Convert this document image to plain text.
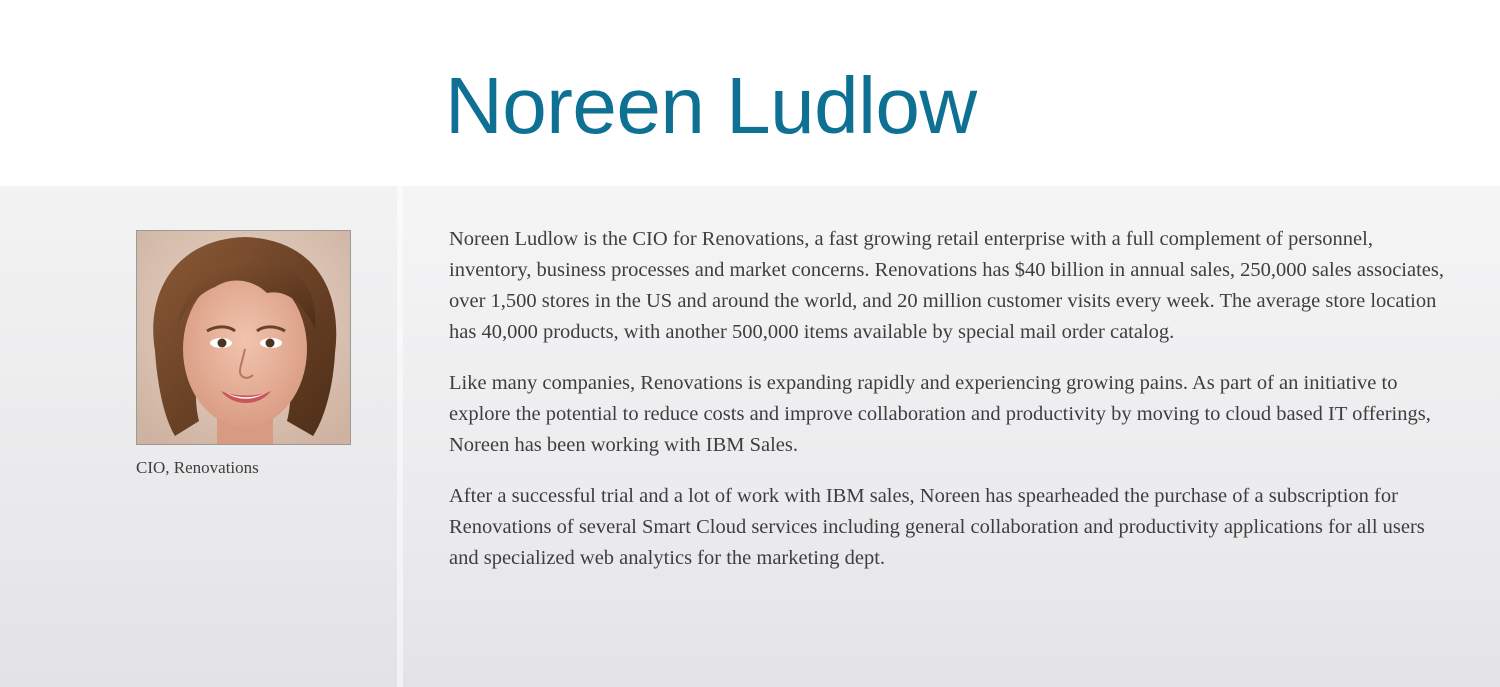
Noreen Ludlow

CIO, Renovations

Noreen Ludlow is the CIO for Renovations, a fast growing retail enterprise with a full complement of personnel, inventory, business processes and market concerns. Renovations has $40 billion in annual sales, 250,000 sales associates, over 1,500 stores in the US and around the world, and 20 million customer visits every week. The average store location has 40,000 products, with another 500,000 items available by special mail order catalog.

Like many companies, Renovations is expanding rapidly and experiencing growing pains. As part of an initiative to explore the potential to reduce costs and improve collaboration and productivity by moving to cloud based IT offerings, Noreen has been working with IBM Sales.

After a successful trial and a lot of work with IBM sales, Noreen has spearheaded the purchase of a subscription for Renovations of several Smart Cloud services including general collaboration and productivity applications for all users and specialized web analytics for the marketing dept.
